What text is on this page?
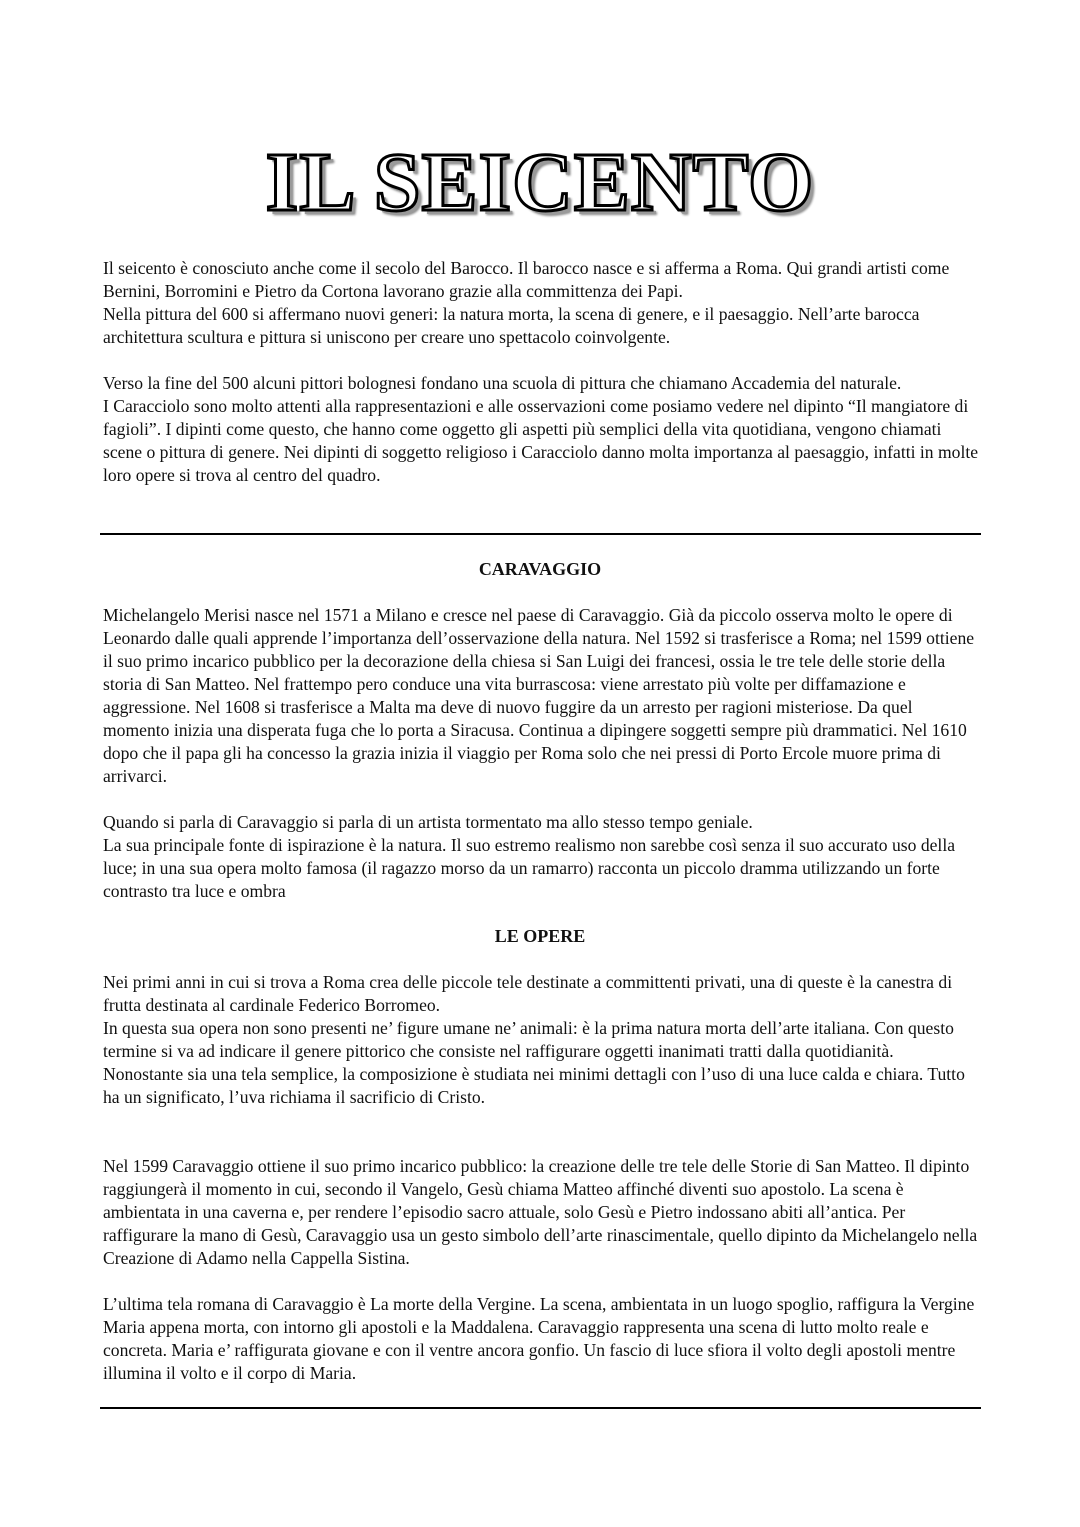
IL SEICENTO

Il seicento è conosciuto anche come il secolo del Barocco. Il barocco nasce e si afferma a Roma. Qui grandi artisti come Bernini, Borromini e Pietro da Cortona lavorano grazie alla committenza dei Papi.

Nella pittura del 600 si affermano nuovi generi: la natura morta, la scena di genere, e il paesaggio. Nell’arte barocca architettura scultura e pittura si uniscono per creare uno spettacolo coinvolgente.

Verso la fine del 500 alcuni pittori bolognesi fondano una scuola di pittura che chiamano Accademia del naturale.

I Caracciolo sono molto attenti alla rappresentazioni e alle osservazioni come posiamo vedere nel dipinto “Il mangiatore di fagioli”. I dipinti come questo, che hanno come oggetto gli aspetti più semplici della vita quotidiana, vengono chiamati scene o pittura di genere. Nei dipinti di soggetto religioso i Caracciolo danno molta importanza al paesaggio, infatti in molte loro opere si trova al centro del quadro.

CARAVAGGIO

Michelangelo Merisi nasce nel 1571 a Milano e cresce nel paese di Caravaggio. Già da piccolo osserva molto le opere di Leonardo dalle quali apprende l’importanza dell’osservazione della natura. Nel 1592 si trasferisce a Roma; nel 1599 ottiene il suo primo incarico pubblico per la decorazione della chiesa si San Luigi dei francesi, ossia le tre tele delle storie della storia di San Matteo. Nel frattempo pero conduce una vita burrascosa: viene arrestato più volte per diffamazione e aggressione. Nel 1608 si trasferisce a Malta ma deve di nuovo fuggire da un arresto per ragioni misteriose. Da quel momento inizia una disperata fuga che lo porta a Siracusa. Continua a dipingere soggetti sempre più drammatici. Nel 1610 dopo che il papa gli ha concesso la grazia inizia il viaggio per Roma solo che nei pressi di Porto Ercole muore prima di arrivarci.

Quando si parla di Caravaggio si parla di un artista tormentato ma allo stesso tempo geniale.

La sua principale fonte di ispirazione è la natura. Il suo estremo realismo non sarebbe così senza il suo accurato uso della luce; in una sua opera molto famosa (il ragazzo morso da un ramarro) racconta un piccolo dramma utilizzando un forte contrasto tra luce e ombra

LE OPERE

Nei primi anni in cui si trova a Roma crea delle piccole tele destinate a committenti privati, una di queste è la canestra di frutta destinata al cardinale Federico Borromeo.

In questa sua opera non sono presenti ne’ figure umane ne’ animali: è la prima natura morta dell’arte italiana. Con questo termine si va ad indicare il genere pittorico che consiste nel raffigurare oggetti inanimati tratti dalla quotidianità.

Nonostante sia una tela semplice, la composizione è studiata nei minimi dettagli con l’uso di una luce calda e chiara. Tutto ha un significato, l’uva richiama il sacrificio di Cristo.

Nel 1599 Caravaggio ottiene il suo primo incarico pubblico: la creazione delle tre tele delle Storie di San Matteo. Il dipinto raggiungerà il momento in cui, secondo il Vangelo, Gesù chiama Matteo affinché diventi suo apostolo. La scena è ambientata in una caverna e, per rendere l’episodio sacro attuale, solo Gesù e Pietro indossano abiti all’antica. Per raffigurare la mano di Gesù, Caravaggio usa un gesto simbolo dell’arte rinascimentale, quello dipinto da Michelangelo nella Creazione di Adamo nella Cappella Sistina.

L’ultima tela romana di Caravaggio è La morte della Vergine. La scena, ambientata in un luogo spoglio, raffigura la Vergine Maria appena morta, con intorno gli apostoli e la Maddalena. Caravaggio rappresenta una scena di lutto molto reale e concreta. Maria e’ raffigurata giovane e con il ventre ancora gonfio. Un fascio di luce sfiora il volto degli apostoli mentre illumina il volto e il corpo di Maria.
